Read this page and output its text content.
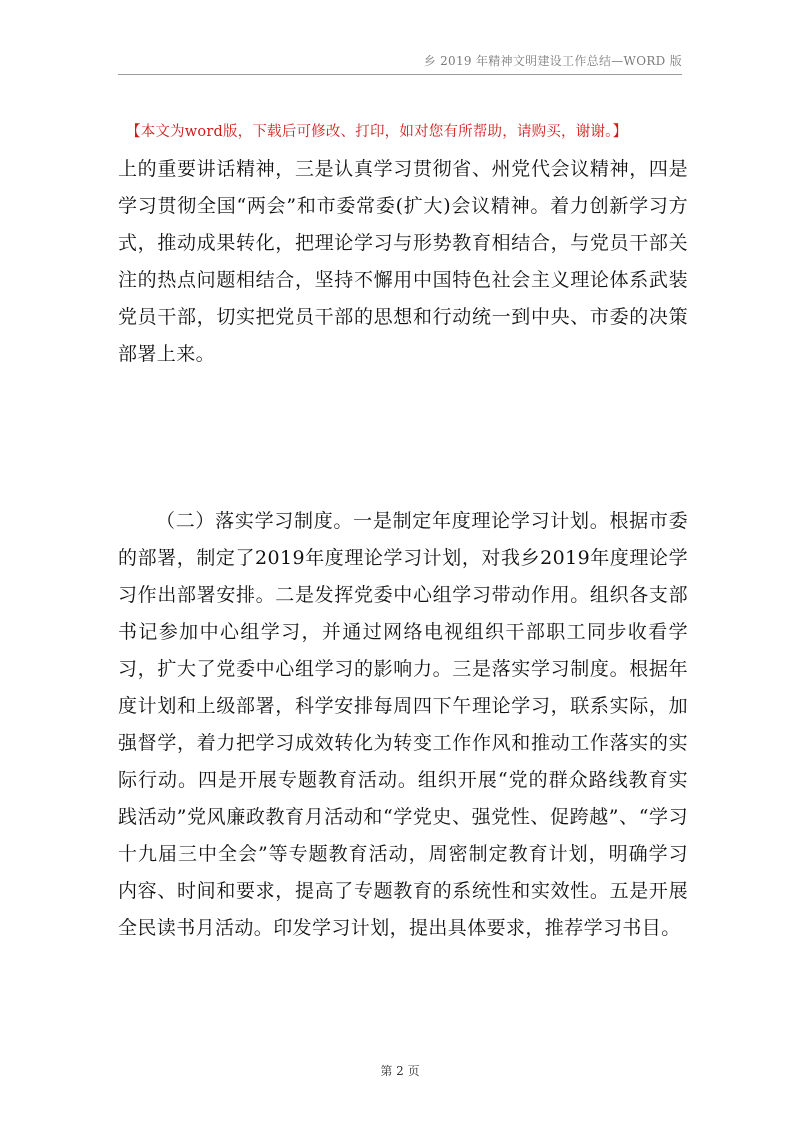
乡 2019 年精神文明建设工作总结—WORD 版
【本文为word版，下载后可修改、打印，如对您有所帮助，请购买，谢谢。】

上的重要讲话精神，三是认真学习贯彻省、州党代会议精神，四是学习贯彻全国“两会”和市委常委(扩大)会议精神。着力创新学习方式，推动成果转化，把理论学习与形势教育相结合，与党员干部关注的热点问题相结合，坚持不懈用中国特色社会主义理论体系武装党员干部，切实把党员干部的思想和行动统一到中央、市委的决策部署上来。

（二）落实学习制度。一是制定年度理论学习计划。根据市委的部署，制定了2019年度理论学习计划，对我乡2019年度理论学习作出部署安排。二是发挥党委中心组学习带动作用。组织各支部书记参加中心组学习，并通过网络电视组织干部职工同步收看学习，扩大了党委中心组学习的影响力。三是落实学习制度。根据年度计划和上级部署，科学安排每周四下午理论学习，联系实际，加强督学，着力把学习成效转化为转变工作作风和推动工作落实的实际行动。四是开展专题教育活动。组织开展“党的群众路线教育实践活动”党风廉政教育月活动和“学党史、强党性、促跨越”、“学习十九届三中全会”等专题教育活动，周密制定教育计划，明确学习内容、时间和要求，提高了专题教育的系统性和实效性。五是开展全民读书月活动。印发学习计划，提出具体要求，推荐学习书目。

第 2 页
